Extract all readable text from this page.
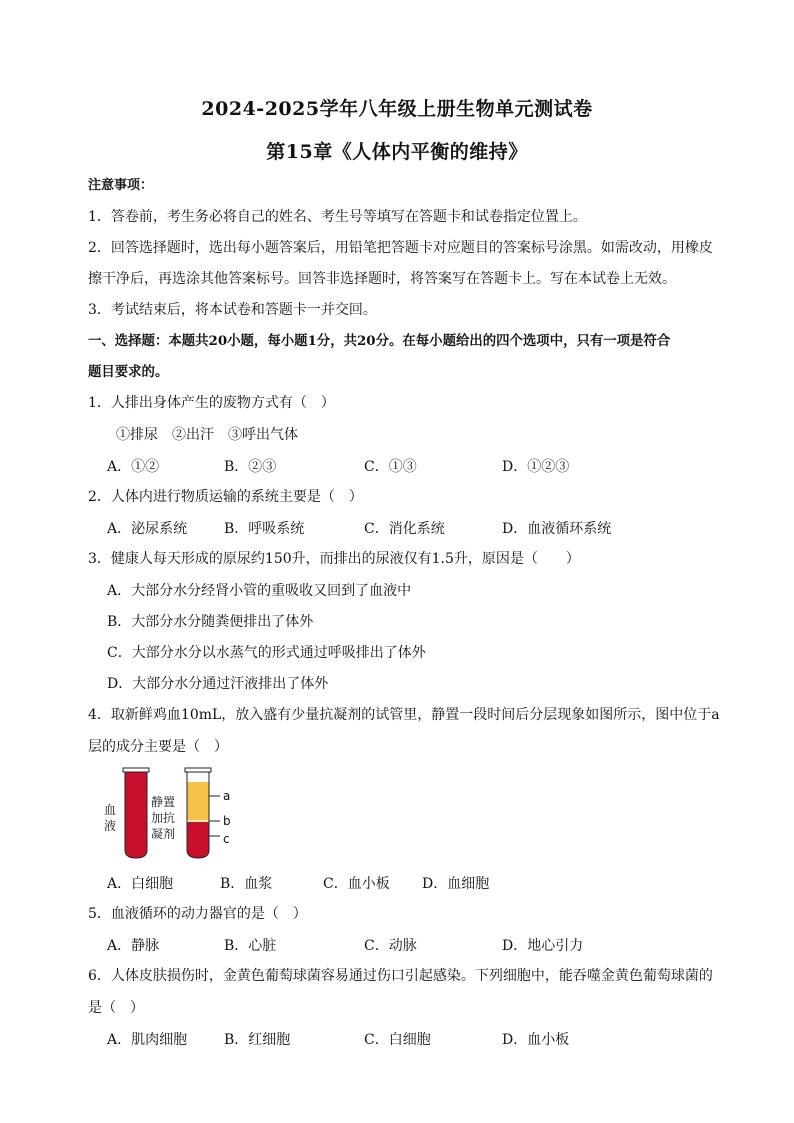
2024-2025学年八年级上册生物单元测试卷
第15章《人体内平衡的维持》
注意事项：
1．答卷前，考生务必将自己的姓名、考生号等填写在答题卡和试卷指定位置上。
2．回答选择题时，选出每小题答案后，用铅笔把答题卡对应题目的答案标号涂黑。如需改动，用橡皮
擦干净后，再选涂其他答案标号。回答非选择题时，将答案写在答题卡上。写在本试卷上无效。
3．考试结束后，将本试卷和答题卡一并交回。
一、选择题：本题共20小题，每小题1分，共20分。在每小题给出的四个选项中，只有一项是符合
题目要求的。
1．人排出身体产生的废物方式有（　）
①排尿　②出汗　③呼出气体
A．①②	B．②③	C．①③	D．①②③
2．人体内进行物质运输的系统主要是（　）
A．泌尿系统	B．呼吸系统	C．消化系统	D．血液循环系统
3．健康人每天形成的原尿约150升，而排出的尿液仅有1.5升，原因是（　　）
A．大部分水分经肾小管的重吸收又回到了血液中
B．大部分水分随粪便排出了体外
C．大部分水分以水蒸气的形式通过呼吸排出了体外
D．大部分水分通过汗液排出了体外
4．取新鲜鸡血10mL，放入盛有少量抗凝剂的试管里，静置一段时间后分层现象如图所示，图中位于a
层的成分主要是（　）
血
液
静置
加抗
凝剂
a
b
c
A．白细胞	B．血浆	C．血小板 D．血细胞
5．血液循环的动力器官的是（　）
A．静脉	B．心脏	C．动脉	D．地心引力
6．人体皮肤损伤时，金黄色葡萄球菌容易通过伤口引起感染。下列细胞中，能吞噬金黄色葡萄球菌的
是（　）
A．肌肉细胞	B．红细胞	C．白细胞	D．血小板
